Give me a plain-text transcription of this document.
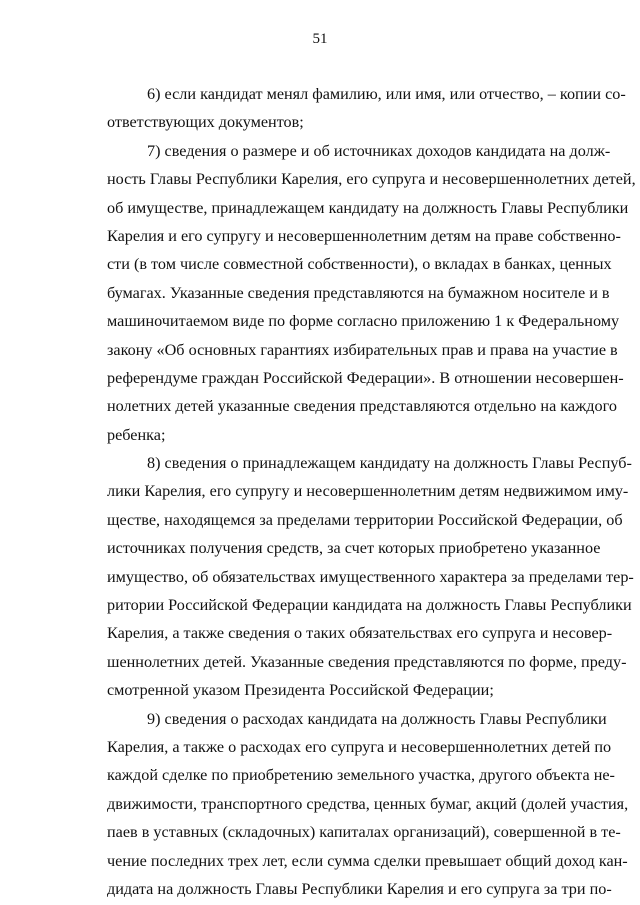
51
6) если кандидат менял фамилию, или имя, или отчество, – копии со-
ответствующих документов;
7) сведения о размере и об источниках доходов кандидата на долж-
ность Главы Республики Карелия, его супруга и несовершеннолетних детей,
об имуществе, принадлежащем кандидату на должность Главы Республики
Карелия и его супругу и несовершеннолетним детям на праве собственно-
сти (в том числе совместной собственности), о вкладах в банках, ценных
бумагах. Указанные сведения представляются на бумажном носителе и в
машиночитаемом виде по форме согласно приложению 1 к Федеральному
закону «Об основных гарантиях избирательных прав и права на участие в
референдуме граждан Российской Федерации». В отношении несовершен-
нолетних детей указанные сведения представляются отдельно на каждого
ребенка;
8) сведения о принадлежащем кандидату на должность Главы Респуб-
лики Карелия, его супругу и несовершеннолетним детям недвижимом иму-
ществе, находящемся за пределами территории Российской Федерации, об
источниках получения средств, за счет которых приобретено указанное
имущество, об обязательствах имущественного характера за пределами тер-
ритории Российской Федерации кандидата на должность Главы Республики
Карелия, а также сведения о таких обязательствах его супруга и несовер-
шеннолетних детей. Указанные сведения представляются по форме, преду-
смотренной указом Президента Российской Федерации;
9) сведения о расходах кандидата на должность Главы Республики
Карелия, а также о расходах его супруга и несовершеннолетних детей по
каждой сделке по приобретению земельного участка, другого объекта не-
движимости, транспортного средства, ценных бумаг, акций (долей участия,
паев в уставных (складочных) капиталах организаций), совершенной в те-
чение последних трех лет, если сумма сделки превышает общий доход кан-
дидата на должность Главы Республики Карелия и его супруга за три по-
